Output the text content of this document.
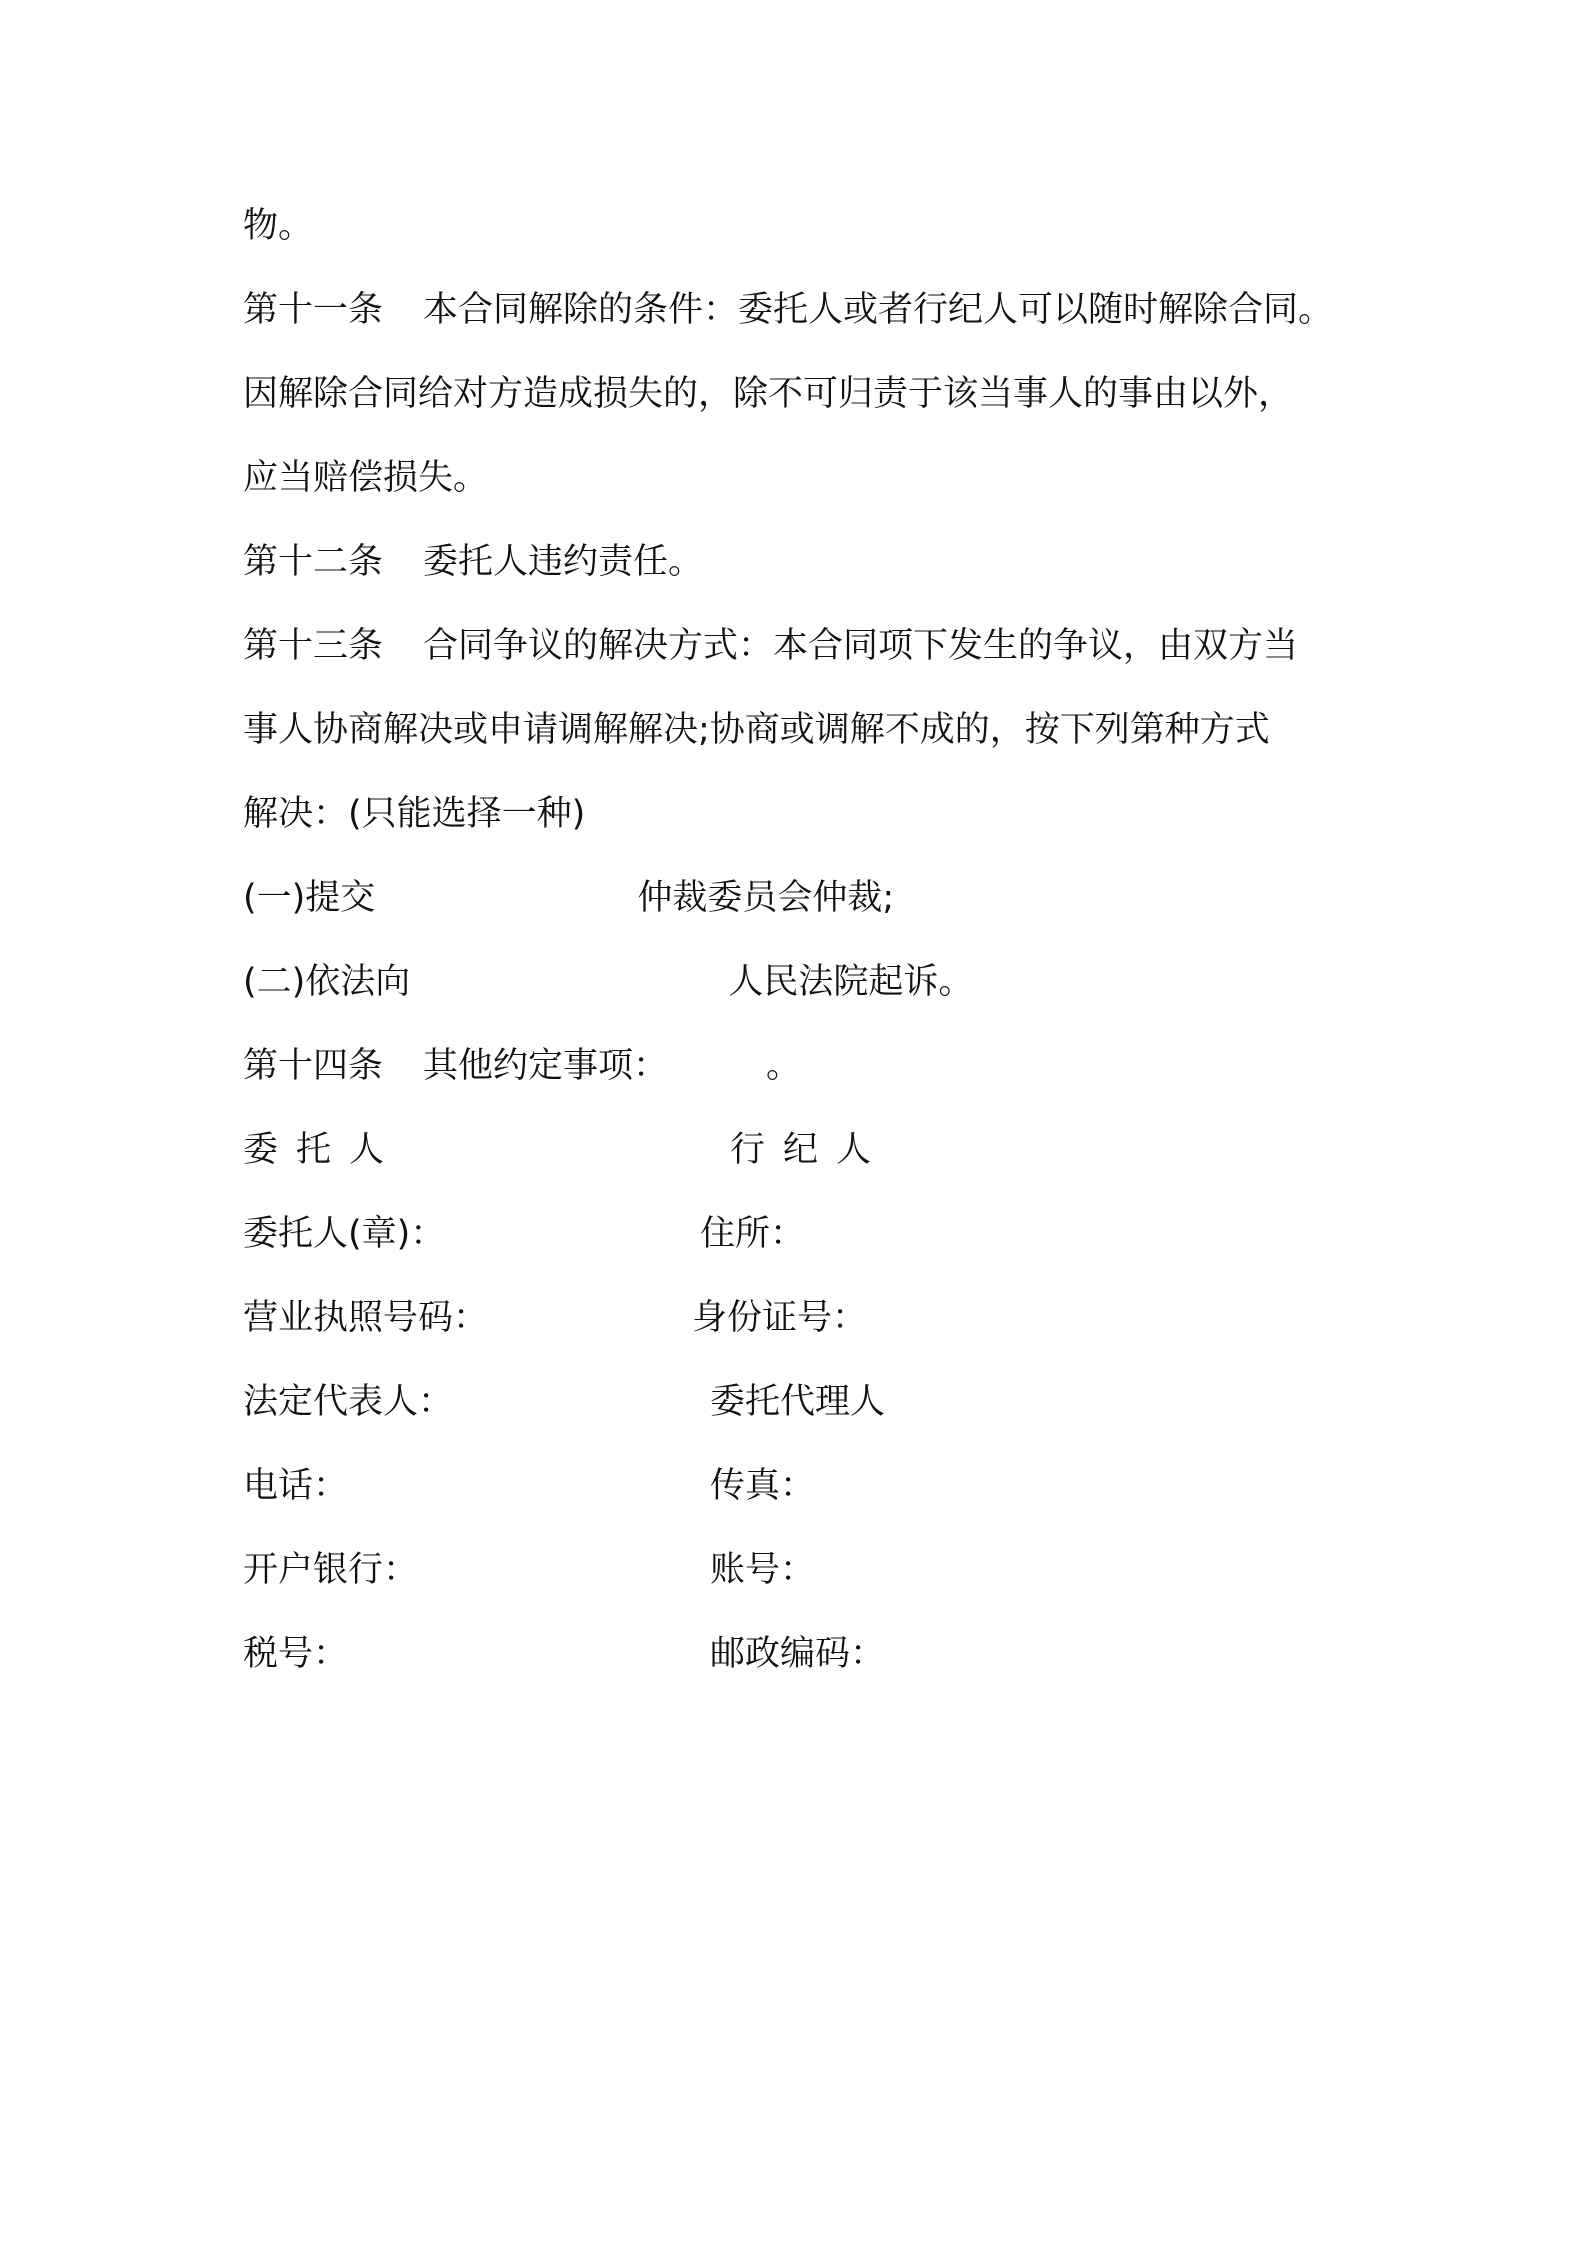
物。
第十一条 本合同解除的条件：委托人或者行纪人可以随时解除合同。
因解除合同给对方造成损失的，除不可归责于该当事人的事由以外，
应当赔偿损失。
第十二条 委托人违约责任。
第十三条 合同争议的解决方式：本合同项下发生的争议，由双方当
事人协商解决或申请调解解决;协商或调解不成的，按下列第种方式
解决：(只能选择一种)
(一)提交	仲裁委员会仲裁;
(二)依法向	人民法院起诉。
第十四条 其他约定事项：	。
委托人	行纪人
委托人(章)：	住所：
营业执照号码：	身份证号：
法定代表人：	委托代理人
电话：	传真：
开户银行：	账号：
税号：	邮政编码：
